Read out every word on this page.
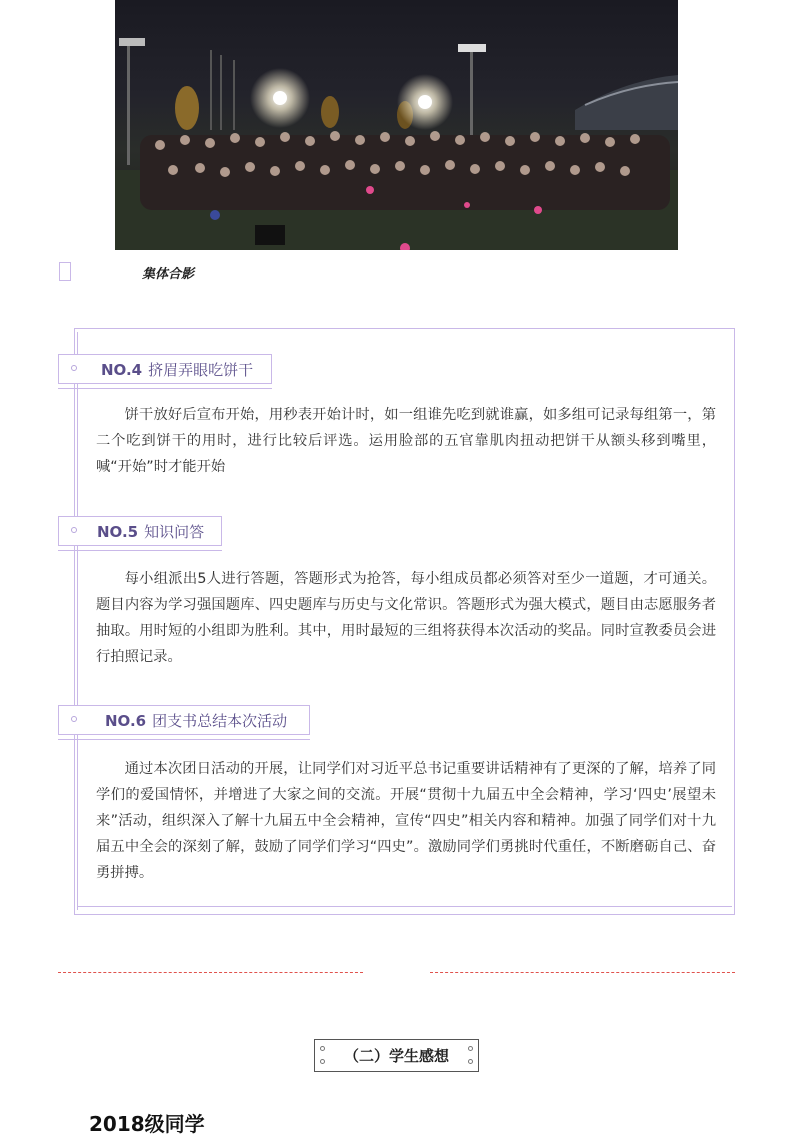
集体合影
NO.4 挤眉弄眼吃饼干

饼干放好后宣布开始，用秒表开始计时，如一组谁先吃到就谁赢，如多组可记录每组第一，第二个吃到饼干的用时，进行比较后评选。运用脸部的五官靠肌肉扭动把饼干从额头移到嘴里，喊“开始”时才能开始

NO.5 知识问答

每小组派出5人进行答题，答题形式为抢答，每小组成员都必须答对至少一道题，才可通关。题目内容为学习强国题库、四史题库与历史与文化常识。答题形式为强大模式，题目由志愿服务者抽取。用时短的小组即为胜利。其中，用时最短的三组将获得本次活动的奖品。同时宣教委员会进行拍照记录。

NO.6 团支书总结本次活动

通过本次团日活动的开展，让同学们对习近平总书记重要讲话精神有了更深的了解，培养了同学们的爱国情怀，并增进了大家之间的交流。开展“贯彻十九届五中全会精神，学习‘四史’展望未来”活动，组织深入了解十九届五中全会精神，宣传“四史”相关内容和精神。加强了同学们对十九届五中全会的深刻了解，鼓励了同学们学习“四史”。激励同学们勇挑时代重任，不断磨砺自己、奋勇拼搏。

（二）学生感想
2018级同学
